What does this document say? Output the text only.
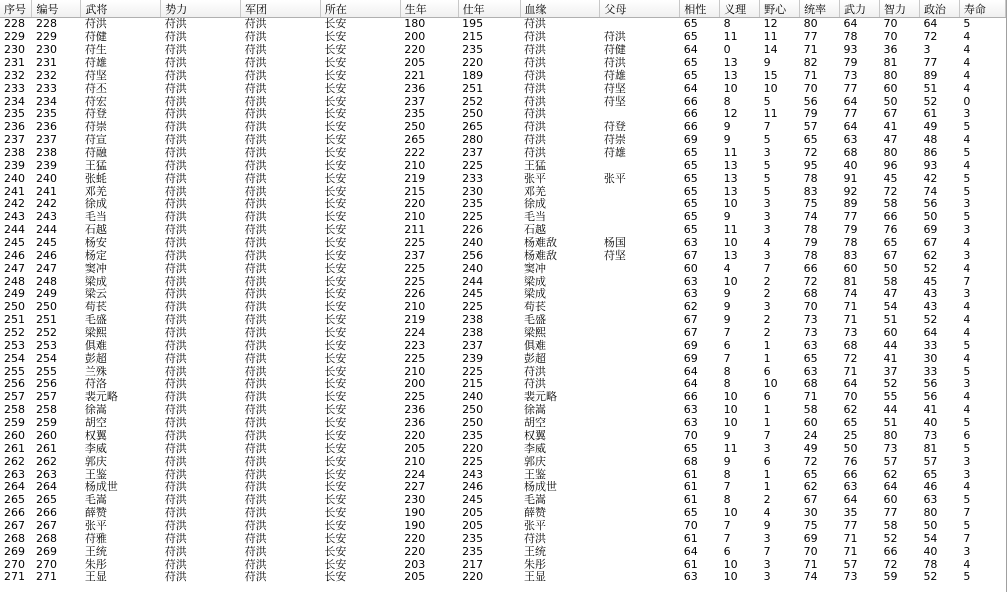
序号	编号	武将	势力	军团	所在	生年	仕年	血缘	父母	相性	义理	野心	统率	武力	智力	政治	寿命
228	228	苻洪	苻洪	苻洪	长安	180	195	苻洪		65	8	12	80	64	70	64	5
229	229	苻健	苻洪	苻洪	长安	200	215	苻洪	苻洪	65	11	11	77	78	70	72	4
230	230	苻生	苻洪	苻洪	长安	220	235	苻洪	苻健	64	0	14	71	93	36	3	4
231	231	苻雄	苻洪	苻洪	长安	205	220	苻洪	苻洪	65	13	9	82	79	81	77	4
232	232	苻坚	苻洪	苻洪	长安	221	189	苻洪	苻雄	65	13	15	71	73	80	89	4
233	233	苻丕	苻洪	苻洪	长安	236	251	苻洪	苻坚	64	10	10	70	77	60	51	4
234	234	苻宏	苻洪	苻洪	长安	237	252	苻洪	苻坚	66	8	5	56	64	50	52	0
235	235	苻登	苻洪	苻洪	长安	235	250	苻洪		66	12	11	79	77	67	61	3
236	236	苻崇	苻洪	苻洪	长安	250	265	苻洪	苻登	66	9	7	57	64	41	49	5
237	237	苻宣	苻洪	苻洪	长安	265	280	苻洪	苻崇	69	9	5	65	63	47	48	4
238	238	苻融	苻洪	苻洪	长安	222	237	苻洪	苻雄	65	11	3	72	68	80	86	5
239	239	王猛	苻洪	苻洪	长安	210	225	王猛		65	13	5	95	40	96	93	4
240	240	张蚝	苻洪	苻洪	长安	219	233	张平	张平	65	13	5	78	91	45	42	5
241	241	邓羌	苻洪	苻洪	长安	215	230	邓羌		65	13	5	83	92	72	74	5
242	242	徐成	苻洪	苻洪	长安	220	235	徐成		65	10	3	75	89	58	56	3
243	243	毛当	苻洪	苻洪	长安	210	225	毛当		65	9	3	74	77	66	50	5
244	244	石越	苻洪	苻洪	长安	211	226	石越		65	11	3	78	79	76	69	3
245	245	杨安	苻洪	苻洪	长安	225	240	杨难敌	杨国	63	10	4	79	78	65	67	4
246	246	杨定	苻洪	苻洪	长安	237	256	杨难敌	苻坚	67	13	3	78	83	67	62	3
247	247	窦冲	苻洪	苻洪	长安	225	240	窦冲		60	4	7	66	60	50	52	4
248	248	梁成	苻洪	苻洪	长安	225	244	梁成		63	10	2	72	81	58	45	7
249	249	梁云	苻洪	苻洪	长安	226	245	梁成		63	9	2	68	74	47	43	3
250	250	苟苌	苻洪	苻洪	长安	210	225	苟苌		62	9	3	70	71	54	43	4
251	251	毛盛	苻洪	苻洪	长安	219	238	毛盛		67	9	2	73	71	51	52	4
252	252	梁熙	苻洪	苻洪	长安	224	238	梁熙		67	7	2	73	73	60	64	4
253	253	俱难	苻洪	苻洪	长安	223	237	俱难		69	6	1	63	68	44	33	5
254	254	彭超	苻洪	苻洪	长安	225	239	彭超		69	7	1	65	72	41	30	4
255	255	兰殊	苻洪	苻洪	长安	210	225	苻洪		64	8	6	63	71	37	33	5
256	256	苻洛	苻洪	苻洪	长安	200	215	苻洪		64	8	10	68	64	52	56	3
257	257	裴元略	苻洪	苻洪	长安	225	240	裴元略		66	10	6	71	70	55	56	4
258	258	徐嵩	苻洪	苻洪	长安	236	250	徐嵩		63	10	1	58	62	44	41	4
259	259	胡空	苻洪	苻洪	长安	236	250	胡空		63	10	1	60	65	51	40	5
260	260	权翼	苻洪	苻洪	长安	220	235	权翼		70	9	7	24	25	80	73	6
261	261	李威	苻洪	苻洪	长安	205	220	李威		65	11	3	49	50	73	81	5
262	262	郭庆	苻洪	苻洪	长安	210	225	郭庆		68	9	6	72	76	57	57	3
263	263	王鉴	苻洪	苻洪	长安	224	243	王鉴		61	8	1	65	66	62	65	3
264	264	杨成世	苻洪	苻洪	长安	227	246	杨成世		61	7	1	62	63	64	46	4
265	265	毛嵩	苻洪	苻洪	长安	230	245	毛嵩		61	8	2	67	64	60	63	5
266	266	薛赞	苻洪	苻洪	长安	190	205	薛赞		65	10	4	30	35	77	80	7
267	267	张平	苻洪	苻洪	长安	190	205	张平		70	7	9	75	77	58	50	5
268	268	苻雅	苻洪	苻洪	长安	220	235	苻洪		61	7	3	69	71	52	54	7
269	269	王统	苻洪	苻洪	长安	220	235	王统		64	6	7	70	71	66	40	3
270	270	朱彤	苻洪	苻洪	长安	203	217	朱彤		61	10	3	71	57	72	78	4
271	271	王显	苻洪	苻洪	长安	205	220	王显		63	10	3	74	73	59	52	5
